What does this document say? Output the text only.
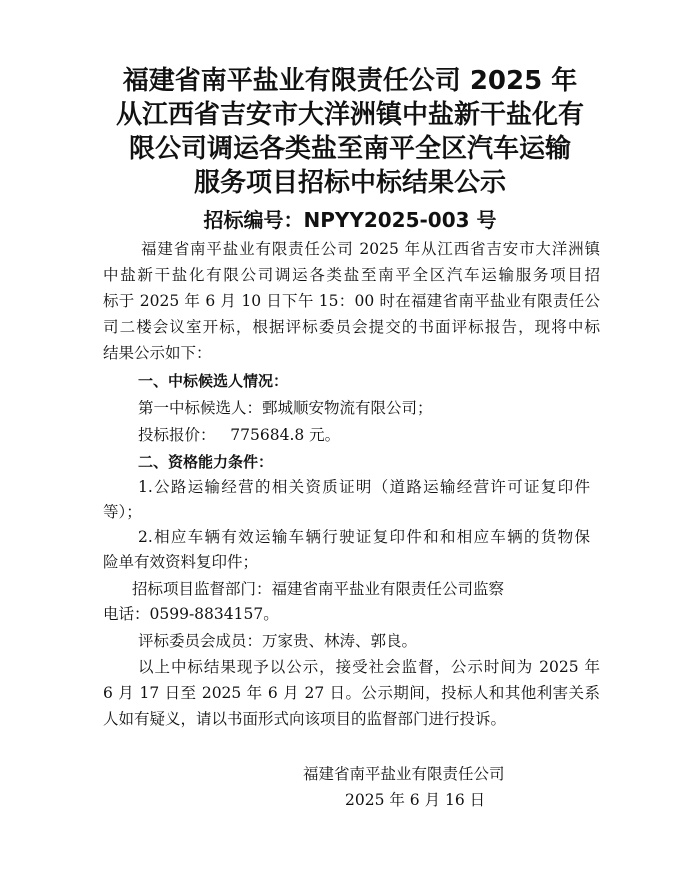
福建省南平盐业有限责任公司 2025 年
从江西省吉安市大洋洲镇中盐新干盐化有
限公司调运各类盐至南平全区汽车运输
服务项目招标中标结果公示
招标编号：NPYY2025-003 号
福建省南平盐业有限责任公司 2025 年从江西省吉安市大洋洲镇
中盐新干盐化有限公司调运各类盐至南平全区汽车运输服务项目招
标于 2025 年 6 月 10 日下午 15：00 时在福建省南平盐业有限责任公
司二楼会议室开标，根据评标委员会提交的书面评标报告，现将中标
结果公示如下：
一、中标候选人情况：
第一中标候选人：鄄城顺安物流有限公司；
投标报价：   775684.8 元。
二、资格能力条件：
1.公路运输经营的相关资质证明（道路运输经营许可证复印件
等）；
2.相应车辆有效运输车辆行驶证复印件和和相应车辆的货物保
险单有效资料复印件；
招标项目监督部门：福建省南平盐业有限责任公司监察
电话：0599-8834157。
评标委员会成员：万家贵、林涛、郭良。
以上中标结果现予以公示，接受社会监督，公示时间为 2025 年
6 月 17 日至 2025 年 6 月 27 日。公示期间，投标人和其他利害关系
人如有疑义，请以书面形式向该项目的监督部门进行投诉。
福建省南平盐业有限责任公司
2025 年 6 月 16 日
